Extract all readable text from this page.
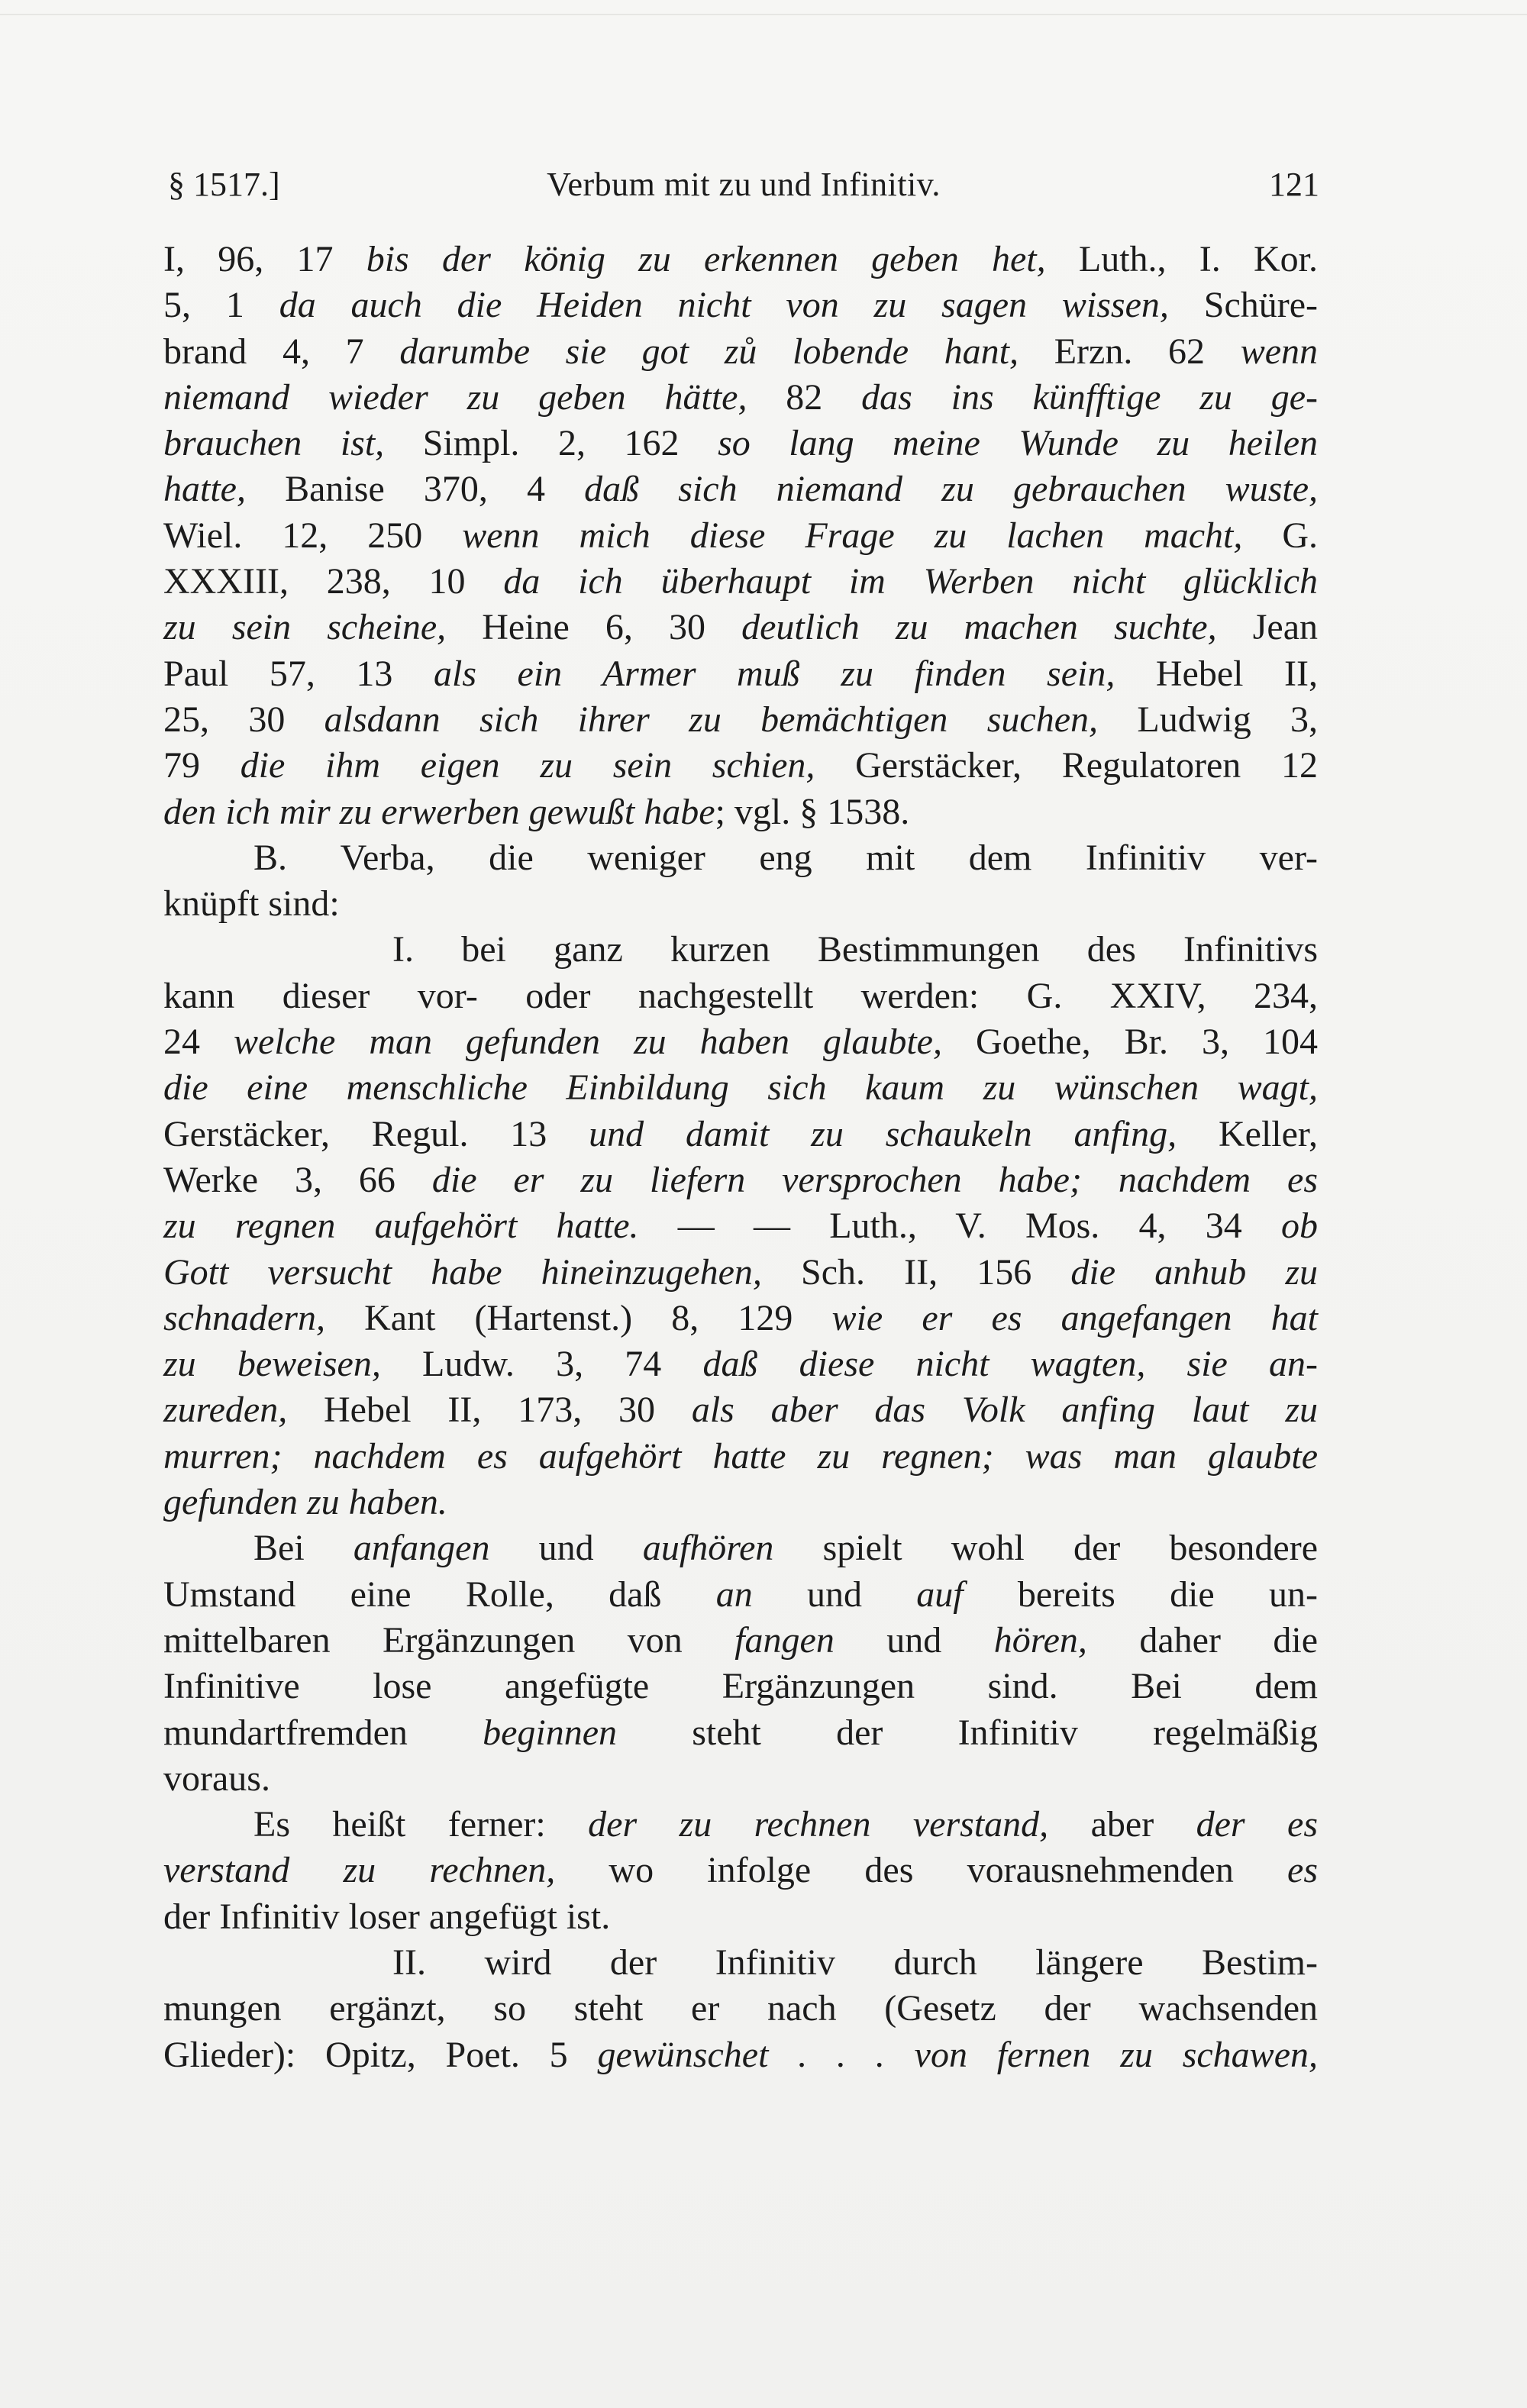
§ 1517.]	Verbum mit zu und Infinitiv.	121
I, 96, 17 bis der könig zu erkennen geben het, Luth., I. Kor.
5, 1 da auch die Heiden nicht von zu sagen wissen, Schüre-
brand 4, 7 darumbe sie got zů lobende hant, Erzn. 62 wenn
niemand wieder zu geben hätte, 82 das ins künfftige zu ge-
brauchen ist, Simpl. 2, 162 so lang meine Wunde zu heilen
hatte, Banise 370, 4 daß sich niemand zu gebrauchen wuste,
Wiel. 12, 250 wenn mich diese Frage zu lachen macht, G.
XXXIII, 238, 10 da ich überhaupt im Werben nicht glücklich
zu sein scheine, Heine 6, 30 deutlich zu machen suchte, Jean
Paul 57, 13 als ein Armer muß zu finden sein, Hebel II,
25, 30 alsdann sich ihrer zu bemächtigen suchen, Ludwig 3,
79 die ihm eigen zu sein schien, Gerstäcker, Regulatoren 12
den ich mir zu erwerben gewußt habe; vgl. § 1538.
B. Verba, die weniger eng mit dem Infinitiv ver-
knüpft sind:
I. bei ganz kurzen Bestimmungen des Infinitivs
kann dieser vor- oder nachgestellt werden: G. XXIV, 234,
24 welche man gefunden zu haben glaubte, Goethe, Br. 3, 104
die eine menschliche Einbildung sich kaum zu wünschen wagt,
Gerstäcker, Regul. 13 und damit zu schaukeln anfing, Keller,
Werke 3, 66 die er zu liefern versprochen habe; nachdem es
zu regnen aufgehört hatte. — — Luth., V. Mos. 4, 34 ob
Gott versucht habe hineinzugehen, Sch. II, 156 die anhub zu
schnadern, Kant (Hartenst.) 8, 129 wie er es angefangen hat
zu beweisen, Ludw. 3, 74 daß diese nicht wagten, sie an-
zureden, Hebel II, 173, 30 als aber das Volk anfing laut zu
murren; nachdem es aufgehört hatte zu regnen; was man glaubte
gefunden zu haben.
Bei anfangen und aufhören spielt wohl der besondere
Umstand eine Rolle, daß an und auf bereits die un-
mittelbaren Ergänzungen von fangen und hören, daher die
Infinitive lose angefügte Ergänzungen sind. Bei dem
mundartfremden beginnen steht der Infinitiv regelmäßig
voraus.
Es heißt ferner: der zu rechnen verstand, aber der es
verstand zu rechnen, wo infolge des vorausnehmenden es
der Infinitiv loser angefügt ist.
II. wird der Infinitiv durch längere Bestim-
mungen ergänzt, so steht er nach (Gesetz der wachsenden
Glieder): Opitz, Poet. 5 gewünschet . . . von fernen zu schawen,
